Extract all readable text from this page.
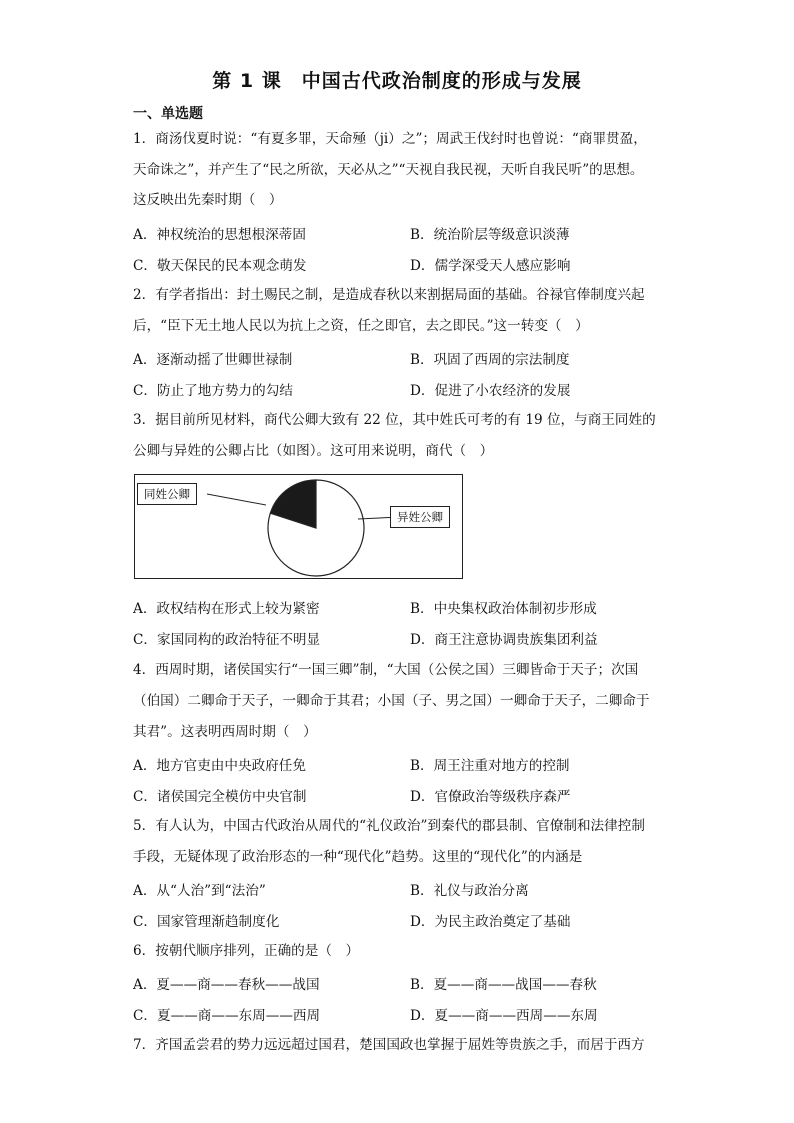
第 1 课　中国古代政治制度的形成与发展
一、单选题
1．商汤伐夏时说：“有夏多罪，天命殛（ji）之”；周武王伐纣时也曾说：“商罪贯盈，
天命诛之”，并产生了“民之所欲，天必从之”“天视自我民视，天听自我民听”的思想。
这反映出先秦时期（　）
A．神权统治的思想根深蒂固	B．统治阶层等级意识淡薄
C．敬天保民的民本观念萌发	D．儒学深受天人感应影响
2．有学者指出：封土赐民之制，是造成春秋以来割据局面的基础。谷禄官俸制度兴起
后，“臣下无土地人民以为抗上之资，任之即官，去之即民。”这一转变（　）
A．逐渐动摇了世卿世禄制	B．巩固了西周的宗法制度
C．防止了地方势力的勾结	D．促进了小农经济的发展
3．据目前所见材料，商代公卿大致有 22 位，其中姓氏可考的有 19 位，与商王同姓的
公卿与异姓的公卿占比（如图）。这可用来说明，商代（　）
同姓公卿
异姓公卿
A．政权结构在形式上较为紧密	B．中央集权政治体制初步形成
C．家国同构的政治特征不明显	D．商王注意协调贵族集团利益
4．西周时期，诸侯国实行“一国三卿”制，“大国（公侯之国）三卿皆命于天子；次国
（伯国）二卿命于天子，一卿命于其君；小国（子、男之国）一卿命于天子，二卿命于
其君”。这表明西周时期（　）
A．地方官吏由中央政府任免	B．周王注重对地方的控制
C．诸侯国完全模仿中央官制	D．官僚政治等级秩序森严
5．有人认为，中国古代政治从周代的“礼仪政治”到秦代的郡县制、官僚制和法律控制
手段，无疑体现了政治形态的一种“现代化”趋势。这里的“现代化”的内涵是
A．从“人治”到“法治”	B．礼仪与政治分离
C．国家管理渐趋制度化	D．为民主政治奠定了基础
6．按朝代顺序排列，正确的是（　）
A．夏——商——春秋——战国	B．夏——商——战国——春秋
C．夏——商——东周——西周	D．夏——商——西周——东周
7．齐国孟尝君的势力远远超过国君，楚国国政也掌握于屈姓等贵族之手，而居于西方
